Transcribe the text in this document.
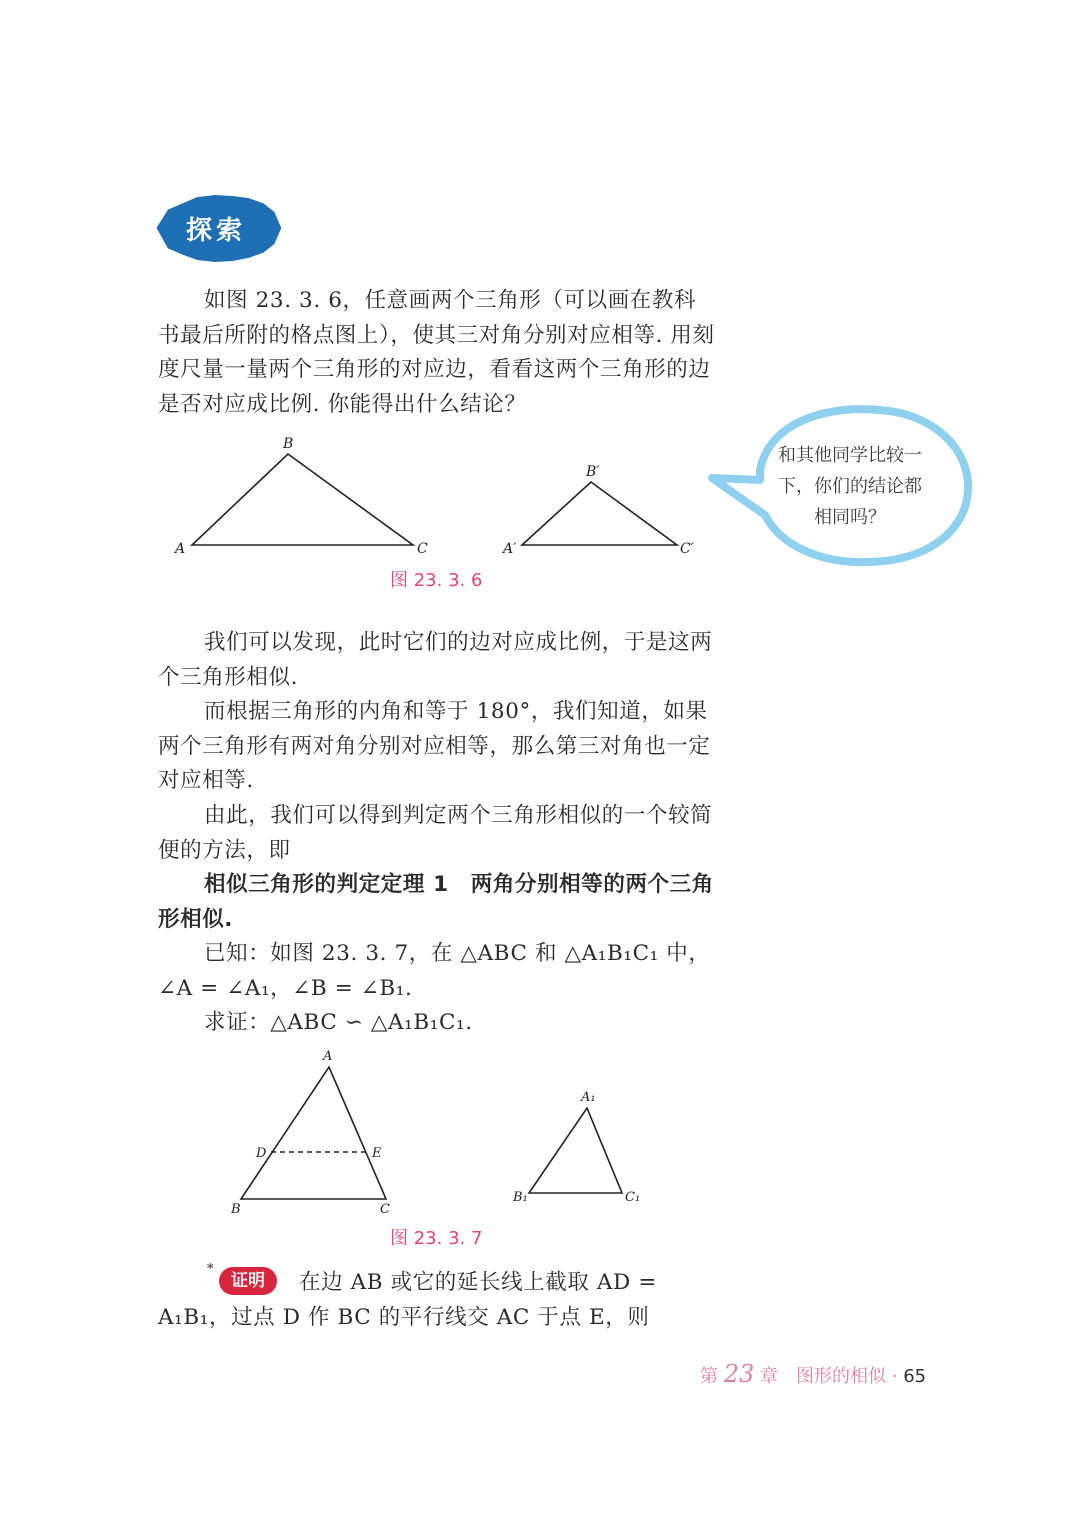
A
B
C	A′
B′
C′
A
D	E
B	C
A₁
B₁	C₁
探索

如图 23. 3. 6，任意画两个三角形（可以画在教科书最后所附的格点图上），使其三对角分别对应相等. 用刻度尺量一量两个三角形的对应边，看看这两个三角形的边是否对应成比例. 你能得出什么结论？

和其他同学比较一下，你们的结论都相同吗？
图 23. 3. 6

我们可以发现，此时它们的边对应成比例，于是这两个三角形相似.

而根据三角形的内角和等于 180°，我们知道，如果两个三角形有两对角分别对应相等，那么第三对角也一定对应相等.

由此，我们可以得到判定两个三角形相似的一个较简便的方法，即

相似三角形的判定定理 1　两角分别相等的两个三角形相似.

已知：如图 23. 3. 7，在 △ABC 和 △A₁B₁C₁ 中，∠A = ∠A₁，∠B = ∠B₁.

求证：△ABC ∽ △A₁B₁C₁.

图 23. 3. 7
*
证明	在边 AB 或它的延长线上截取 AD = A₁B₁，过点 D 作 BC 的平行线交 AC 于点 E，则

第 23 章　图形的相似 · 65
